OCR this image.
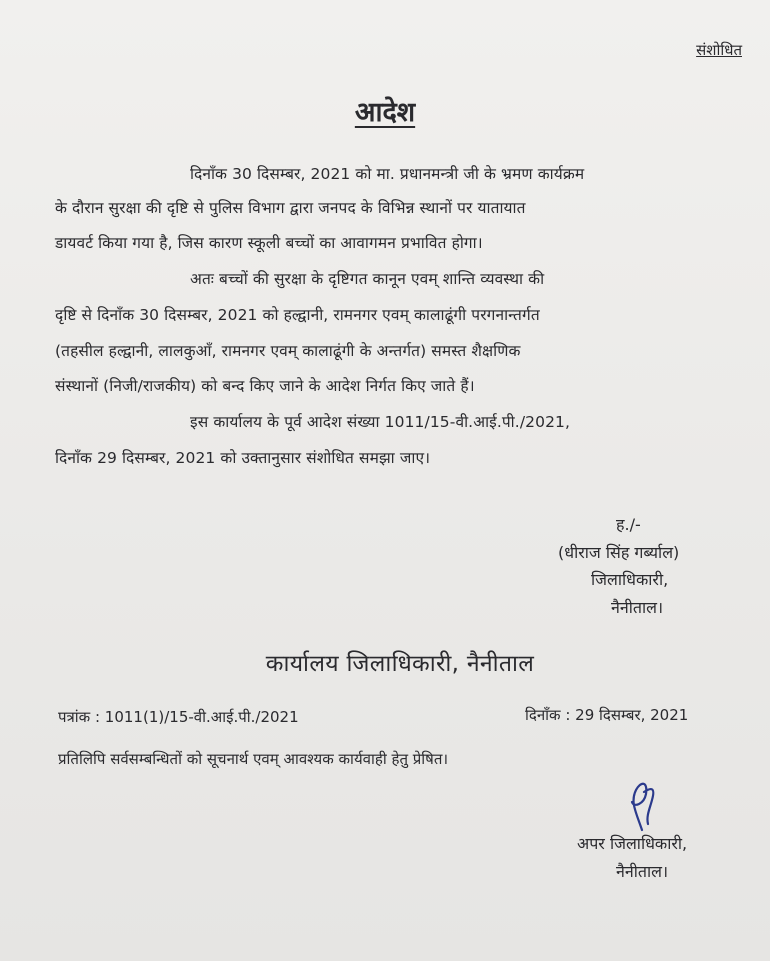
संशोधित
आदेश
दिनाँक 30 दिसम्बर, 2021 को मा. प्रधानमन्त्री जी के भ्रमण कार्यक्रम
के दौरान सुरक्षा की दृष्टि से पुलिस विभाग द्वारा जनपद के विभिन्न स्थानों पर यातायात
डायवर्ट किया गया है, जिस कारण स्कूली बच्चों का आवागमन प्रभावित होगा।
अतः बच्चों की सुरक्षा के दृष्टिगत कानून एवम् शान्ति व्यवस्था की
दृष्टि से दिनाँक 30 दिसम्बर, 2021 को हल्द्वानी, रामनगर एवम् कालाढूंगी परगनान्तर्गत
(तहसील हल्द्वानी, लालकुआँ, रामनगर एवम् कालाढूंगी के अन्तर्गत) समस्त शैक्षणिक
संस्थानों (निजी/राजकीय) को बन्द किए जाने के आदेश निर्गत किए जाते हैं।
इस कार्यालय के पूर्व आदेश संख्या 1011/15-वी.आई.पी./2021,
दिनाँक 29 दिसम्बर, 2021 को उक्तानुसार संशोधित समझा जाए।
ह./-
(धीराज सिंह गर्ब्याल)
जिलाधिकारी,
नैनीताल।
कार्यालय जिलाधिकारी, नैनीताल
पत्रांक : 1011(1)/15-वी.आई.पी./2021	दिनाँक : 29 दिसम्बर, 2021
प्रतिलिपि सर्वसम्बन्धितों को सूचनार्थ एवम् आवश्यक कार्यवाही हेतु प्रेषित।
अपर जिलाधिकारी,
नैनीताल।
